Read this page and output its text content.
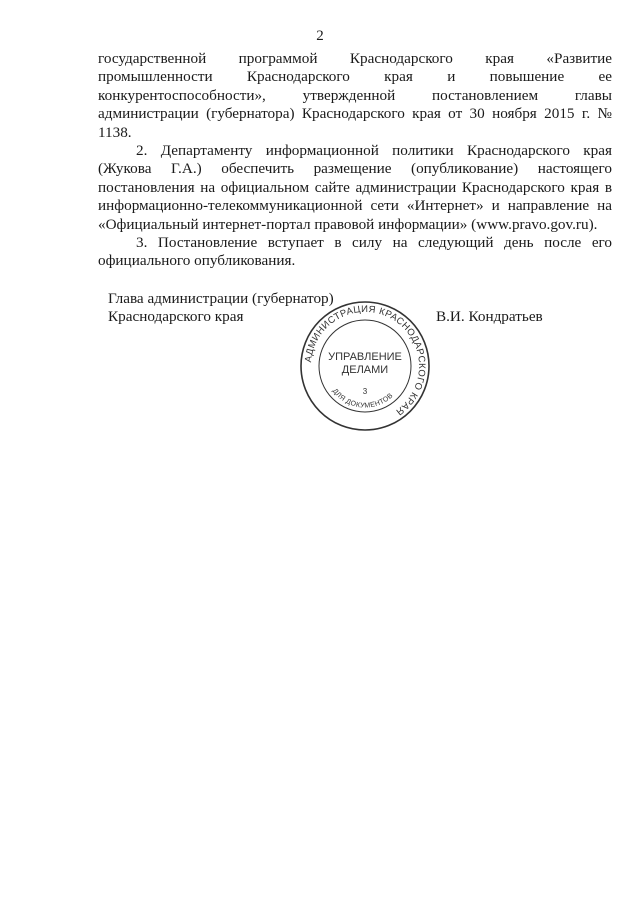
2

государственной программой Краснодарского края «Развитие промышленности Краснодарского края и повышение ее конкурентоспособности», утвержденной постановлением главы администрации (губернатора) Краснодарского края от 30 ноября 2015 г. № 1138.

2. Департаменту информационной политики Краснодарского края (Жукова Г.А.) обеспечить размещение (опубликование) настоящего постановления на официальном сайте администрации Краснодарского края в информационно-телекоммуникационной сети «Интернет» и направление на «Официальный интернет-портал правовой информации» (www.pravo.gov.ru).

3. Постановление вступает в силу на следующий день после его официального опубликования.

Глава администрации (губернатор)
Краснодарского края	В.И. Кондратьев
АДМИНИСТРАЦИЯ КРАСНОДАРСКОГО КРАЯ
ДЛЯ ДОКУМЕНТОВ
УПРАВЛЕНИЕ
ДЕЛАМИ
3
